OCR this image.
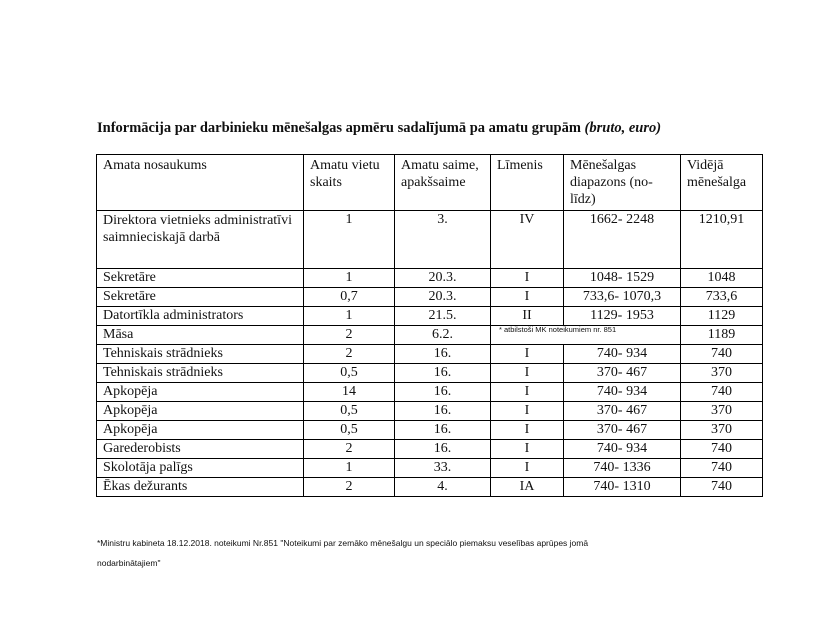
Informācija par darbinieku mēnešalgas apmēru sadalījumā pa amatu grupām (bruto, euro)
Amata nosaukums	Amatu vietu skaits	Amatu saime, apakšsaime	Līmenis	Mēnešalgas diapazons (no-līdz)	Vidējā mēnešalga
Direktora vietnieks administratīvi saimnieciskajā darbā	1	3.	IV	1662- 2248	1210,91
Sekretāre	1	20.3.	I	1048- 1529	1048
Sekretāre	0,7	20.3.	I	733,6- 1070,3	733,6
Datortīkla administrators	1	21.5.	II	1129- 1953	1129
Māsa	2	6.2.	* atbilstoši MK noteikumiem nr. 851		1189
Tehniskais strādnieks	2	16.	I	740- 934	740
Tehniskais strādnieks	0,5	16.	I	370- 467	370
Apkopēja	14	16.	I	740- 934	740
Apkopēja	0,5	16.	I	370- 467	370
Apkopēja	0,5	16.	I	370- 467	370
Garederobists	2	16.	I	740- 934	740
Skolotāja palīgs	1	33.	I	740- 1336	740
Ēkas dežurants	2	4.	IA	740- 1310	740
*Ministru kabineta 18.12.2018. noteikumi Nr.851 "Noteikumi par zemāko mēnešalgu un speciālo piemaksu veselības aprūpes jomā
nodarbinātajiem"
